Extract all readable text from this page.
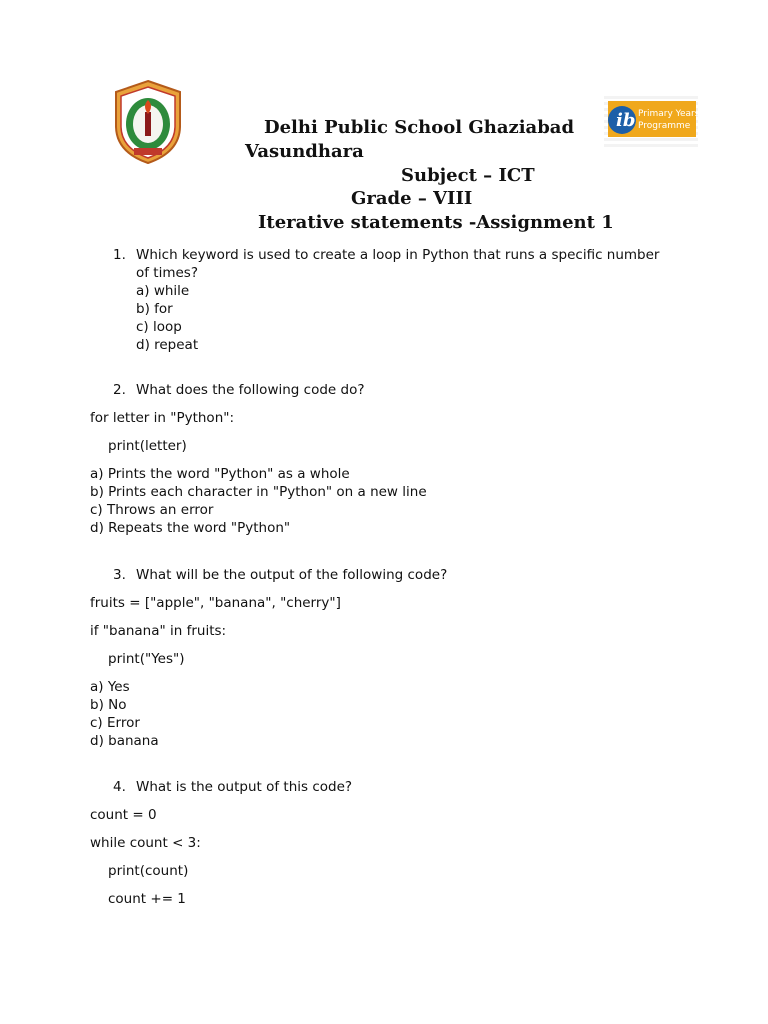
ib Primary Years
Programme
Delhi Public School Ghaziabad
Vasundhara
Subject – ICT
Grade – VIII
Iterative statements -Assignment 1
1. Which keyword is used to create a loop in Python that runs a specific number
of times?
a) while
b) for
c) loop
d) repeat
2. What does the following code do?
for letter in "Python":
print(letter)
a) Prints the word "Python" as a whole
b) Prints each character in "Python" on a new line
c) Throws an error
d) Repeats the word "Python"
3. What will be the output of the following code?
fruits = ["apple", "banana", "cherry"]
if "banana" in fruits:
print("Yes")
a) Yes
b) No
c) Error
d) banana
4. What is the output of this code?
count = 0
while count < 3:
print(count)
count += 1
